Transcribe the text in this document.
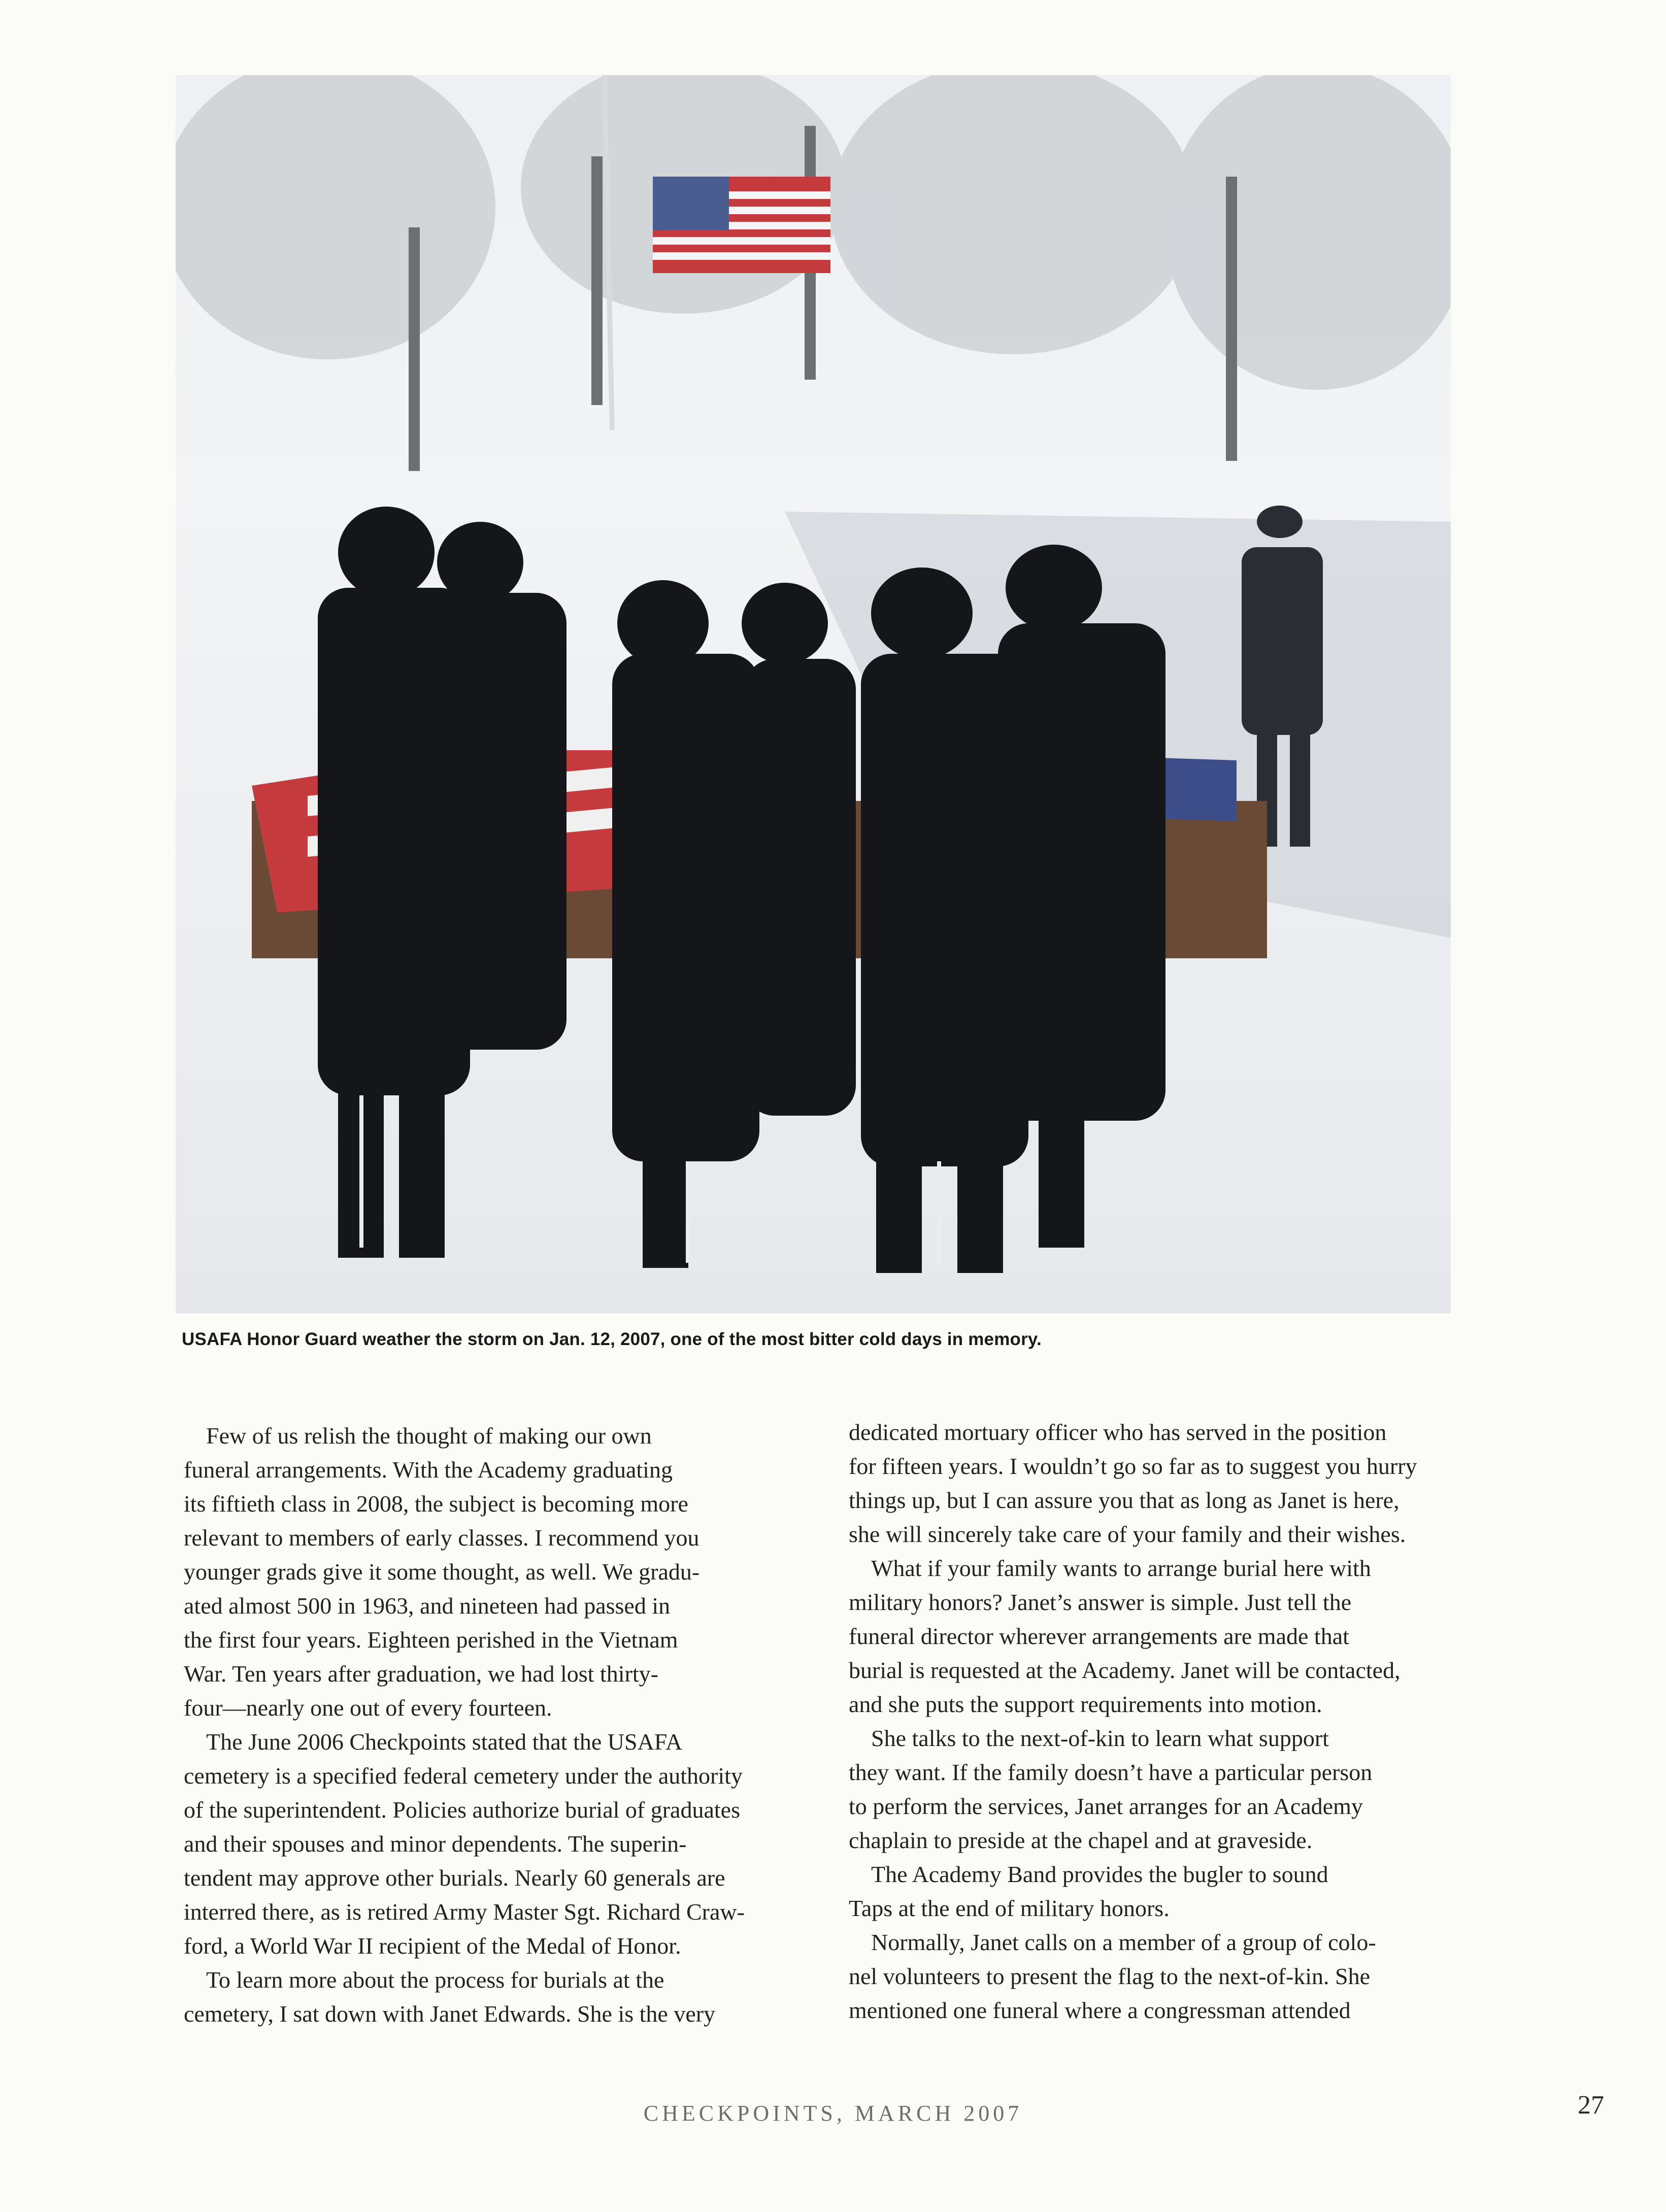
USAFA Honor Guard weather the storm on Jan. 12, 2007, one of the most bitter cold days in memory.

Few of us relish the thought of making our own
funeral arrangements. With the Academy graduating
its fiftieth class in 2008, the subject is becoming more
relevant to members of early classes. I recommend you
younger grads give it some thought, as well. We gradu-
ated almost 500 in 1963, and nineteen had passed in
the first four years. Eighteen perished in the Vietnam
War. Ten years after graduation, we had lost thirty-
four—nearly one out of every fourteen.

The June 2006 Checkpoints stated that the USAFA
cemetery is a specified federal cemetery under the authority
of the superintendent. Policies authorize burial of graduates
and their spouses and minor dependents. The superin-
tendent may approve other burials. Nearly 60 generals are
interred there, as is retired Army Master Sgt. Richard Craw-
ford, a World War II recipient of the Medal of Honor.

To learn more about the process for burials at the
cemetery, I sat down with Janet Edwards. She is the very

dedicated mortuary officer who has served in the position
for fifteen years. I wouldn’t go so far as to suggest you hurry
things up, but I can assure you that as long as Janet is here,
she will sincerely take care of your family and their wishes.

What if your family wants to arrange burial here with
military honors? Janet’s answer is simple. Just tell the
funeral director wherever arrangements are made that
burial is requested at the Academy. Janet will be contacted,
and she puts the support requirements into motion.

She talks to the next-of-kin to learn what support
they want. If the family doesn’t have a particular person
to perform the services, Janet arranges for an Academy
chaplain to preside at the chapel and at graveside.

The Academy Band provides the bugler to sound
Taps at the end of military honors.

Normally, Janet calls on a member of a group of colo-
nel volunteers to present the flag to the next-of-kin. She
mentioned one funeral where a congressman attended

CHECKPOINTS, MARCH 2007	27
